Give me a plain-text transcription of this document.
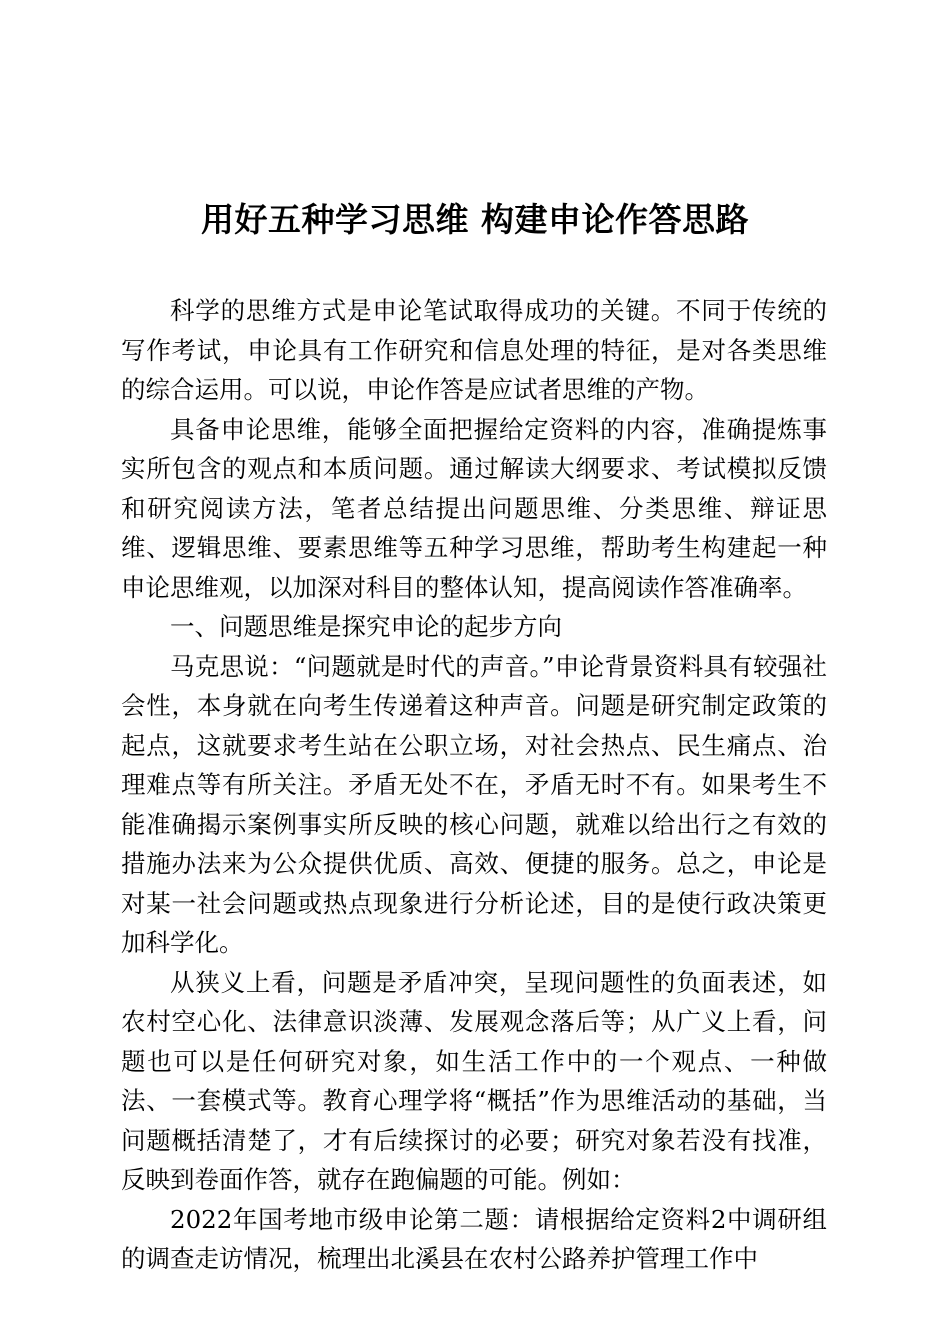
用好五种学习思维 构建申论作答思路

科学的思维方式是申论笔试取得成功的关键。不同于传统的写作考试，申论具有工作研究和信息处理的特征，是对各类思维的综合运用。可以说，申论作答是应试者思维的产物。

具备申论思维，能够全面把握给定资料的内容，准确提炼事实所包含的观点和本质问题。通过解读大纲要求、考试模拟反馈和研究阅读方法，笔者总结提出问题思维、分类思维、辩证思维、逻辑思维、要素思维等五种学习思维，帮助考生构建起一种申论思维观，以加深对科目的整体认知，提高阅读作答准确率。

一、问题思维是探究申论的起步方向

马克思说：“问题就是时代的声音。”申论背景资料具有较强社会性，本身就在向考生传递着这种声音。问题是研究制定政策的起点，这就要求考生站在公职立场，对社会热点、民生痛点、治理难点等有所关注。矛盾无处不在，矛盾无时不有。如果考生不能准确揭示案例事实所反映的核心问题，就难以给出行之有效的措施办法来为公众提供优质、高效、便捷的服务。总之，申论是对某一社会问题或热点现象进行分析论述，目的是使行政决策更加科学化。

从狭义上看，问题是矛盾冲突，呈现问题性的负面表述，如农村空心化、法律意识淡薄、发展观念落后等；从广义上看，问题也可以是任何研究对象，如生活工作中的一个观点、一种做法、一套模式等。教育心理学将“概括”作为思维活动的基础，当问题概括清楚了，才有后续探讨的必要；研究对象若没有找准，反映到卷面作答，就存在跑偏题的可能。例如：

2022年国考地市级申论第二题：请根据给定资料2中调研组的调查走访情况，梳理出北溪县在农村公路养护管理工作中
